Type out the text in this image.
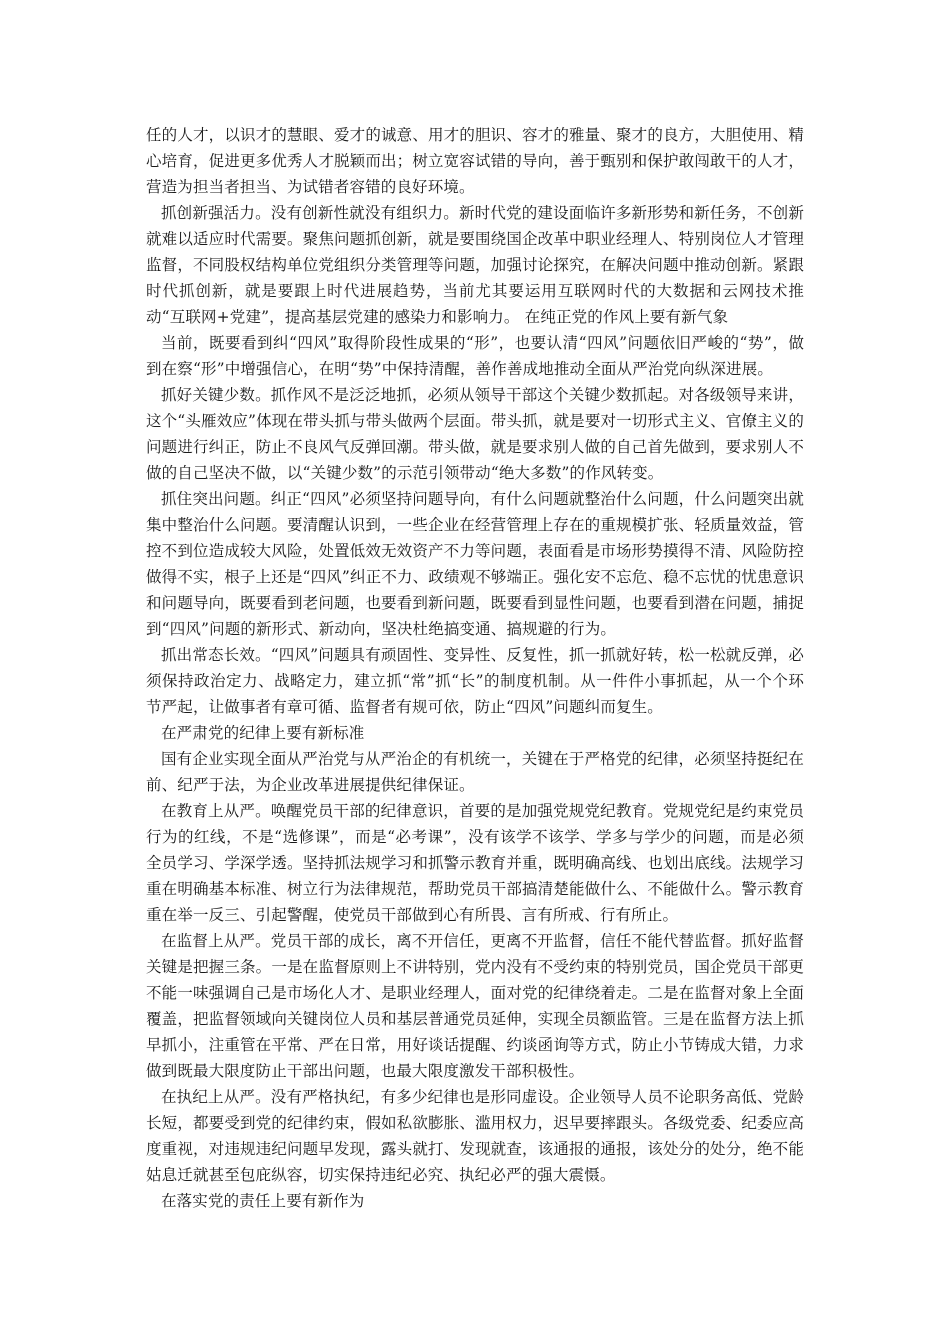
任的人才，以识才的慧眼、爱才的诚意、用才的胆识、容才的雅量、聚才的良方，大胆使用、精心培育，促进更多优秀人才脱颖而出；树立宽容试错的导向，善于甄别和保护敢闯敢干的人才，营造为担当者担当、为试错者容错的良好环境。

抓创新强活力。没有创新性就没有组织力。新时代党的建设面临许多新形势和新任务，不创新就难以适应时代需要。聚焦问题抓创新，就是要围绕国企改革中职业经理人、特别岗位人才管理监督，不同股权结构单位党组织分类管理等问题，加强讨论探究，在解决问题中推动创新。紧跟时代抓创新，就是要跟上时代进展趋势，当前尤其要运用互联网时代的大数据和云网技术推动“互联网+党建”，提高基层党建的感染力和影响力。 在纯正党的作风上要有新气象

当前，既要看到纠“四风”取得阶段性成果的“形”，也要认清“四风”问题依旧严峻的“势”，做到在察“形”中增强信心，在明“势”中保持清醒，善作善成地推动全面从严治党向纵深进展。

抓好关键少数。抓作风不是泛泛地抓，必须从领导干部这个关键少数抓起。对各级领导来讲，这个“头雁效应”体现在带头抓与带头做两个层面。带头抓，就是要对一切形式主义、官僚主义的问题进行纠正，防止不良风气反弹回潮。带头做，就是要求别人做的自己首先做到，要求别人不做的自己坚决不做，以“关键少数”的示范引领带动“绝大多数”的作风转变。

抓住突出问题。纠正“四风”必须坚持问题导向，有什么问题就整治什么问题，什么问题突出就集中整治什么问题。要清醒认识到，一些企业在经营管理上存在的重规模扩张、轻质量效益，管控不到位造成较大风险，处置低效无效资产不力等问题，表面看是市场形势摸得不清、风险防控做得不实，根子上还是“四风”纠正不力、政绩观不够端正。强化安不忘危、稳不忘忧的忧患意识和问题导向，既要看到老问题，也要看到新问题，既要看到显性问题，也要看到潜在问题，捕捉到“四风”问题的新形式、新动向，坚决杜绝搞变通、搞规避的行为。

抓出常态长效。“四风”问题具有顽固性、变异性、反复性，抓一抓就好转，松一松就反弹，必须保持政治定力、战略定力，建立抓“常”抓“长”的制度机制。从一件件小事抓起，从一个个环节严起，让做事者有章可循、监督者有规可依，防止“四风”问题纠而复生。

在严肃党的纪律上要有新标准

国有企业实现全面从严治党与从严治企的有机统一，关键在于严格党的纪律，必须坚持挺纪在前、纪严于法，为企业改革进展提供纪律保证。

在教育上从严。唤醒党员干部的纪律意识，首要的是加强党规党纪教育。党规党纪是约束党员行为的红线，不是“选修课”，而是“必考课”，没有该学不该学、学多与学少的问题，而是必须全员学习、学深学透。坚持抓法规学习和抓警示教育并重，既明确高线、也划出底线。法规学习重在明确基本标准、树立行为法律规范，帮助党员干部搞清楚能做什么、不能做什么。警示教育重在举一反三、引起警醒，使党员干部做到心有所畏、言有所戒、行有所止。

在监督上从严。党员干部的成长，离不开信任，更离不开监督，信任不能代替监督。抓好监督关键是把握三条。一是在监督原则上不讲特别，党内没有不受约束的特别党员，国企党员干部更不能一味强调自己是市场化人才、是职业经理人，面对党的纪律绕着走。二是在监督对象上全面覆盖，把监督领域向关键岗位人员和基层普通党员延伸，实现全员额监管。三是在监督方法上抓早抓小，注重管在平常、严在日常，用好谈话提醒、约谈函询等方式，防止小节铸成大错，力求做到既最大限度防止干部出问题，也最大限度激发干部积极性。

在执纪上从严。没有严格执纪，有多少纪律也是形同虚设。企业领导人员不论职务高低、党龄长短，都要受到党的纪律约束，假如私欲膨胀、滥用权力，迟早要摔跟头。各级党委、纪委应高度重视，对违规违纪问题早发现，露头就打、发现就查，该通报的通报，该处分的处分，绝不能姑息迁就甚至包庇纵容，切实保持违纪必究、执纪必严的强大震慑。

在落实党的责任上要有新作为
